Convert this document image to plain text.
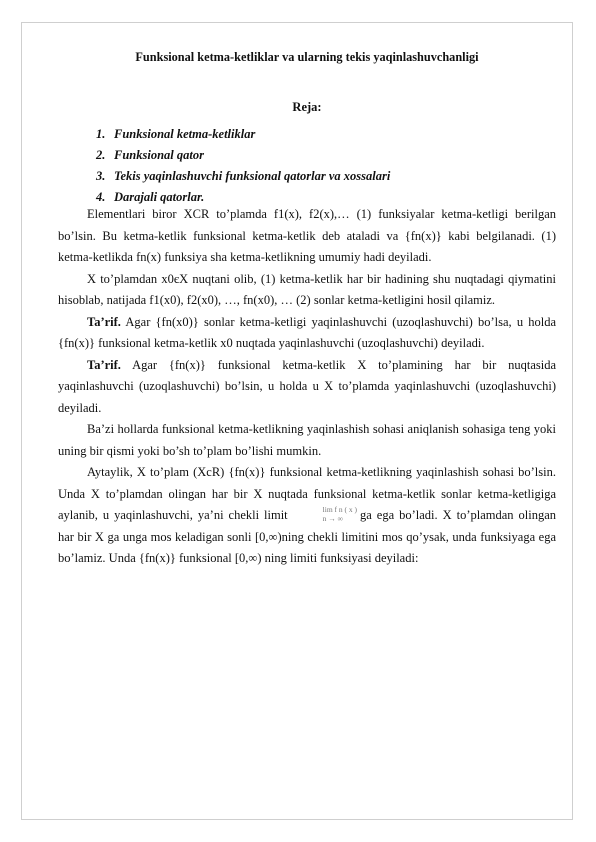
Funksional ketma-ketliklar va ularning tekis yaqinlashuvchanligi
Reja:
1. Funksional ketma-ketliklar
2. Funksional qator
3. Tekis yaqinlashuvchi funksional qatorlar va xossalari
4. Darajali qatorlar.

Elementlari biror XCR to’plamda f1(x), f2(x),… (1) funksiyalar ketma-ketligi berilgan bo’lsin. Bu ketma-ketlik funksional ketma-ketlik deb ataladi va {fn(x)} kabi belgilanadi. (1) ketma-ketlikda fn(x) funksiya sha ketma-ketlikning umumiy hadi deyiladi.

X to’plamdan x0єX nuqtani olib, (1) ketma-ketlik har bir hadining shu nuqtadagi qiymatini hisoblab, natijada f1(x0), f2(x0), …, fn(x0), … (2) sonlar ketma-ketligini hosil qilamiz.

Ta’rif. Agar {fn(x0)} sonlar ketma-ketligi yaqinlashuvchi (uzoqlashuvchi) bo’lsa, u holda {fn(x)} funksional ketma-ketlik x0 nuqtada yaqinlashuvchi (uzoqlashuvchi) deyiladi.

Ta’rif. Agar {fn(x)} funksional ketma-ketlik X to’plamining har bir nuqtasida yaqinlashuvchi (uzoqlashuvchi) bo’lsin, u holda u X to’plamda yaqinlashuvchi (uzoqlashuvchi) deyiladi.

Ba’zi hollarda funksional ketma-ketlikning yaqinlashish sohasi aniqlanish sohasiga teng yoki uning bir qismi yoki bo’sh to’plam bo’lishi mumkin.

Aytaylik, X to’plam (XcR) {fn(x)} funksional ketma-ketlikning yaqinlashish sohasi bo’lsin. Unda X to’plamdan olingan har bir X nuqtada funksional ketma-ketlik sonlar ketma-ketligiga aylanib, u yaqinlashuvchi, ya’ni chekli limit	lim f n ( x )
n → ∞	ga ega bo’ladi. X to’plamdan olingan har bir X ga unga mos keladigan sonli [0,∞)ning chekli limitini mos qo’ysak, unda funksiyaga ega bo’lamiz. Unda {fn(x)} funksional [0,∞) ning limiti funksiyasi deyiladi:
